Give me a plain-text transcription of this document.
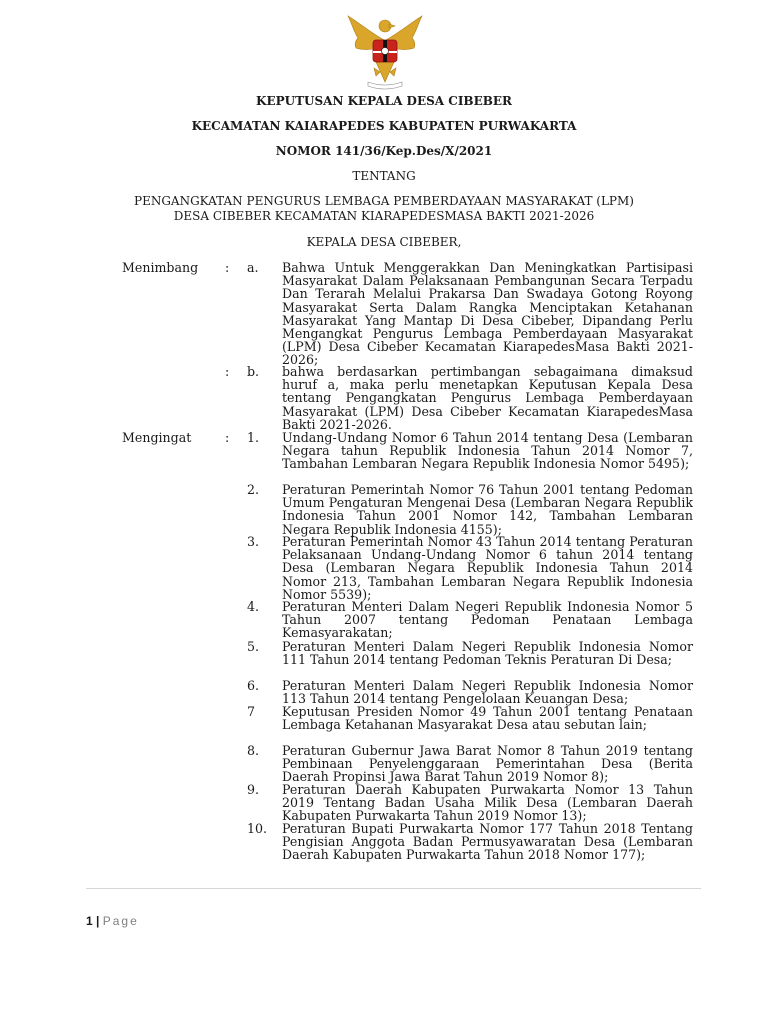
KEPUTUSAN KEPALA DESA CIBEBER
KECAMATAN KAIARAPEDES KABUPATEN PURWAKARTA
NOMOR 141/36/Kep.Des/X/2021
TENTANG
PENGANGKATAN PENGURUS LEMBAGA PEMBERDAYAAN MASYARAKAT (LPM)
DESA CIBEBER KECAMATAN KIARAPEDESMASA BAKTI 2021-2026
KEPALA DESA CIBEBER,
Menimbang : a. Bahwa Untuk Menggerakkan Dan Meningkatkan Partisipasi Masyarakat Dalam Pelaksanaan Pembangunan Secara Terpadu Dan Terarah Melalui Prakarsa Dan Swadaya Gotong Royong Masyarakat Serta Dalam Rangka Menciptakan Ketahanan Masyarakat Yang Mantap Di Desa Cibeber, Dipandang Perlu Mengangkat Pengurus Lembaga Pemberdayaan Masyarakat (LPM) Desa Cibeber Kecamatan KiarapedesMasa Bakti 2021-2026;
: b. bahwa berdasarkan pertimbangan sebagaimana dimaksud huruf a, maka perlu menetapkan Keputusan Kepala Desa tentang Pengangkatan Pengurus Lembaga Pemberdayaan Masyarakat (LPM) Desa Cibeber Kecamatan KiarapedesMasa Bakti 2021-2026.
Mengingat	: 1. Undang-Undang Nomor 6 Tahun 2014 tentang Desa (Lembaran Negara tahun Republik Indonesia Tahun 2014 Nomor 7, Tambahan Lembaran Negara Republik Indonesia Nomor 5495);
2. Peraturan Pemerintah Nomor 76 Tahun 2001 tentang Pedoman Umum Pengaturan Mengenai Desa (Lembaran Negara Republik Indonesia Tahun 2001 Nomor 142, Tambahan Lembaran Negara Republik Indonesia 4155);
3. Peraturan Pemerintah Nomor 43 Tahun 2014 tentang Peraturan Pelaksanaan Undang-Undang Nomor 6 tahun 2014 tentang Desa (Lembaran Negara Republik Indonesia Tahun 2014 Nomor 213, Tambahan Lembaran Negara Republik Indonesia Nomor 5539);
4. Peraturan Menteri Dalam Negeri Republik Indonesia Nomor 5 Tahun 2007 tentang Pedoman Penataan Lembaga Kemasyarakatan;
5. Peraturan Menteri Dalam Negeri Republik Indonesia Nomor 111 Tahun 2014 tentang Pedoman Teknis Peraturan Di Desa;
6. Peraturan Menteri Dalam Negeri Republik Indonesia Nomor 113 Tahun 2014 tentang Pengelolaan Keuangan Desa;
7 Keputusan Presiden Nomor 49 Tahun 2001 tentang Penataan Lembaga Ketahanan Masyarakat Desa atau sebutan lain;
8. Peraturan Gubernur Jawa Barat Nomor 8 Tahun 2019 tentang Pembinaan Penyelenggaraan Pemerintahan Desa (Berita Daerah Propinsi Jawa Barat Tahun 2019 Nomor 8);
9. Peraturan Daerah Kabupaten Purwakarta Nomor 13 Tahun 2019 Tentang Badan Usaha Milik Desa (Lembaran Daerah Kabupaten Purwakarta Tahun 2019 Nomor 13);
10. Peraturan Bupati Purwakarta Nomor 177 Tahun 2018 Tentang Pengisian Anggota Badan Permusyawaratan Desa (Lembaran Daerah Kabupaten Purwakarta Tahun 2018 Nomor 177);
1 | Page
